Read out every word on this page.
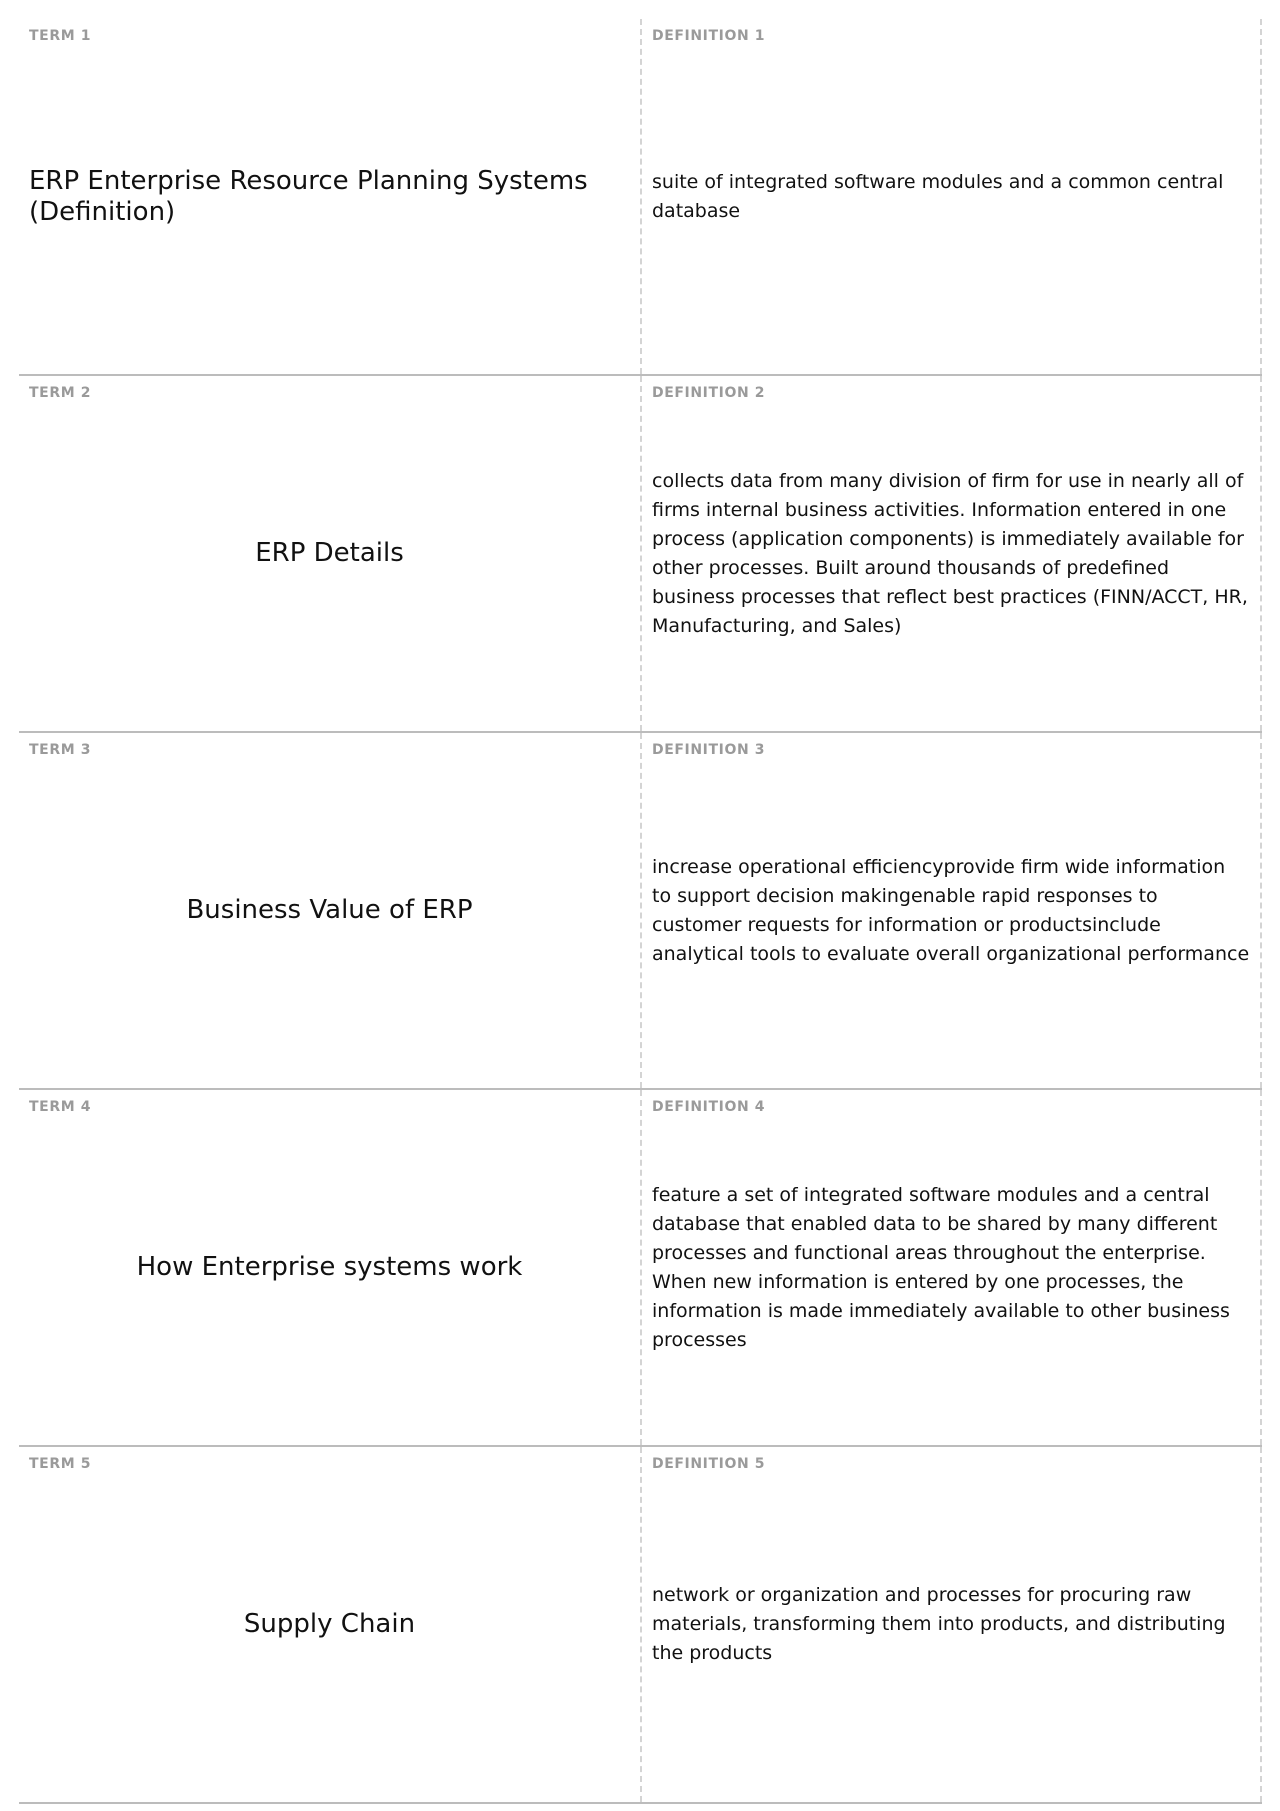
TERM 1
ERP Enterprise Resource Planning Systems (Definition)
DEFINITION 1
suite of integrated software modules and a common central database
TERM 2
ERP Details
DEFINITION 2
collects data from many division of firm for use in nearly all of firms internal business activities. Information entered in one process (application components) is immediately available for other processes. Built around thousands of predefined business processes that reflect best practices (FINN/ACCT, HR, Manufacturing, and Sales)
TERM 3
Business Value of ERP
DEFINITION 3
increase operational efficiencyprovide firm wide information to support decision makingenable rapid responses to customer requests for information or productsinclude analytical tools to evaluate overall organizational performance
TERM 4
How Enterprise systems work
DEFINITION 4
feature a set of integrated software modules and a central database that enabled data to be shared by many different processes and functional areas throughout the enterprise. When new information is entered by one processes, the information is made immediately available to other business processes
TERM 5
Supply Chain
DEFINITION 5
network or organization and processes for procuring raw materials, transforming them into products, and distributing the products
